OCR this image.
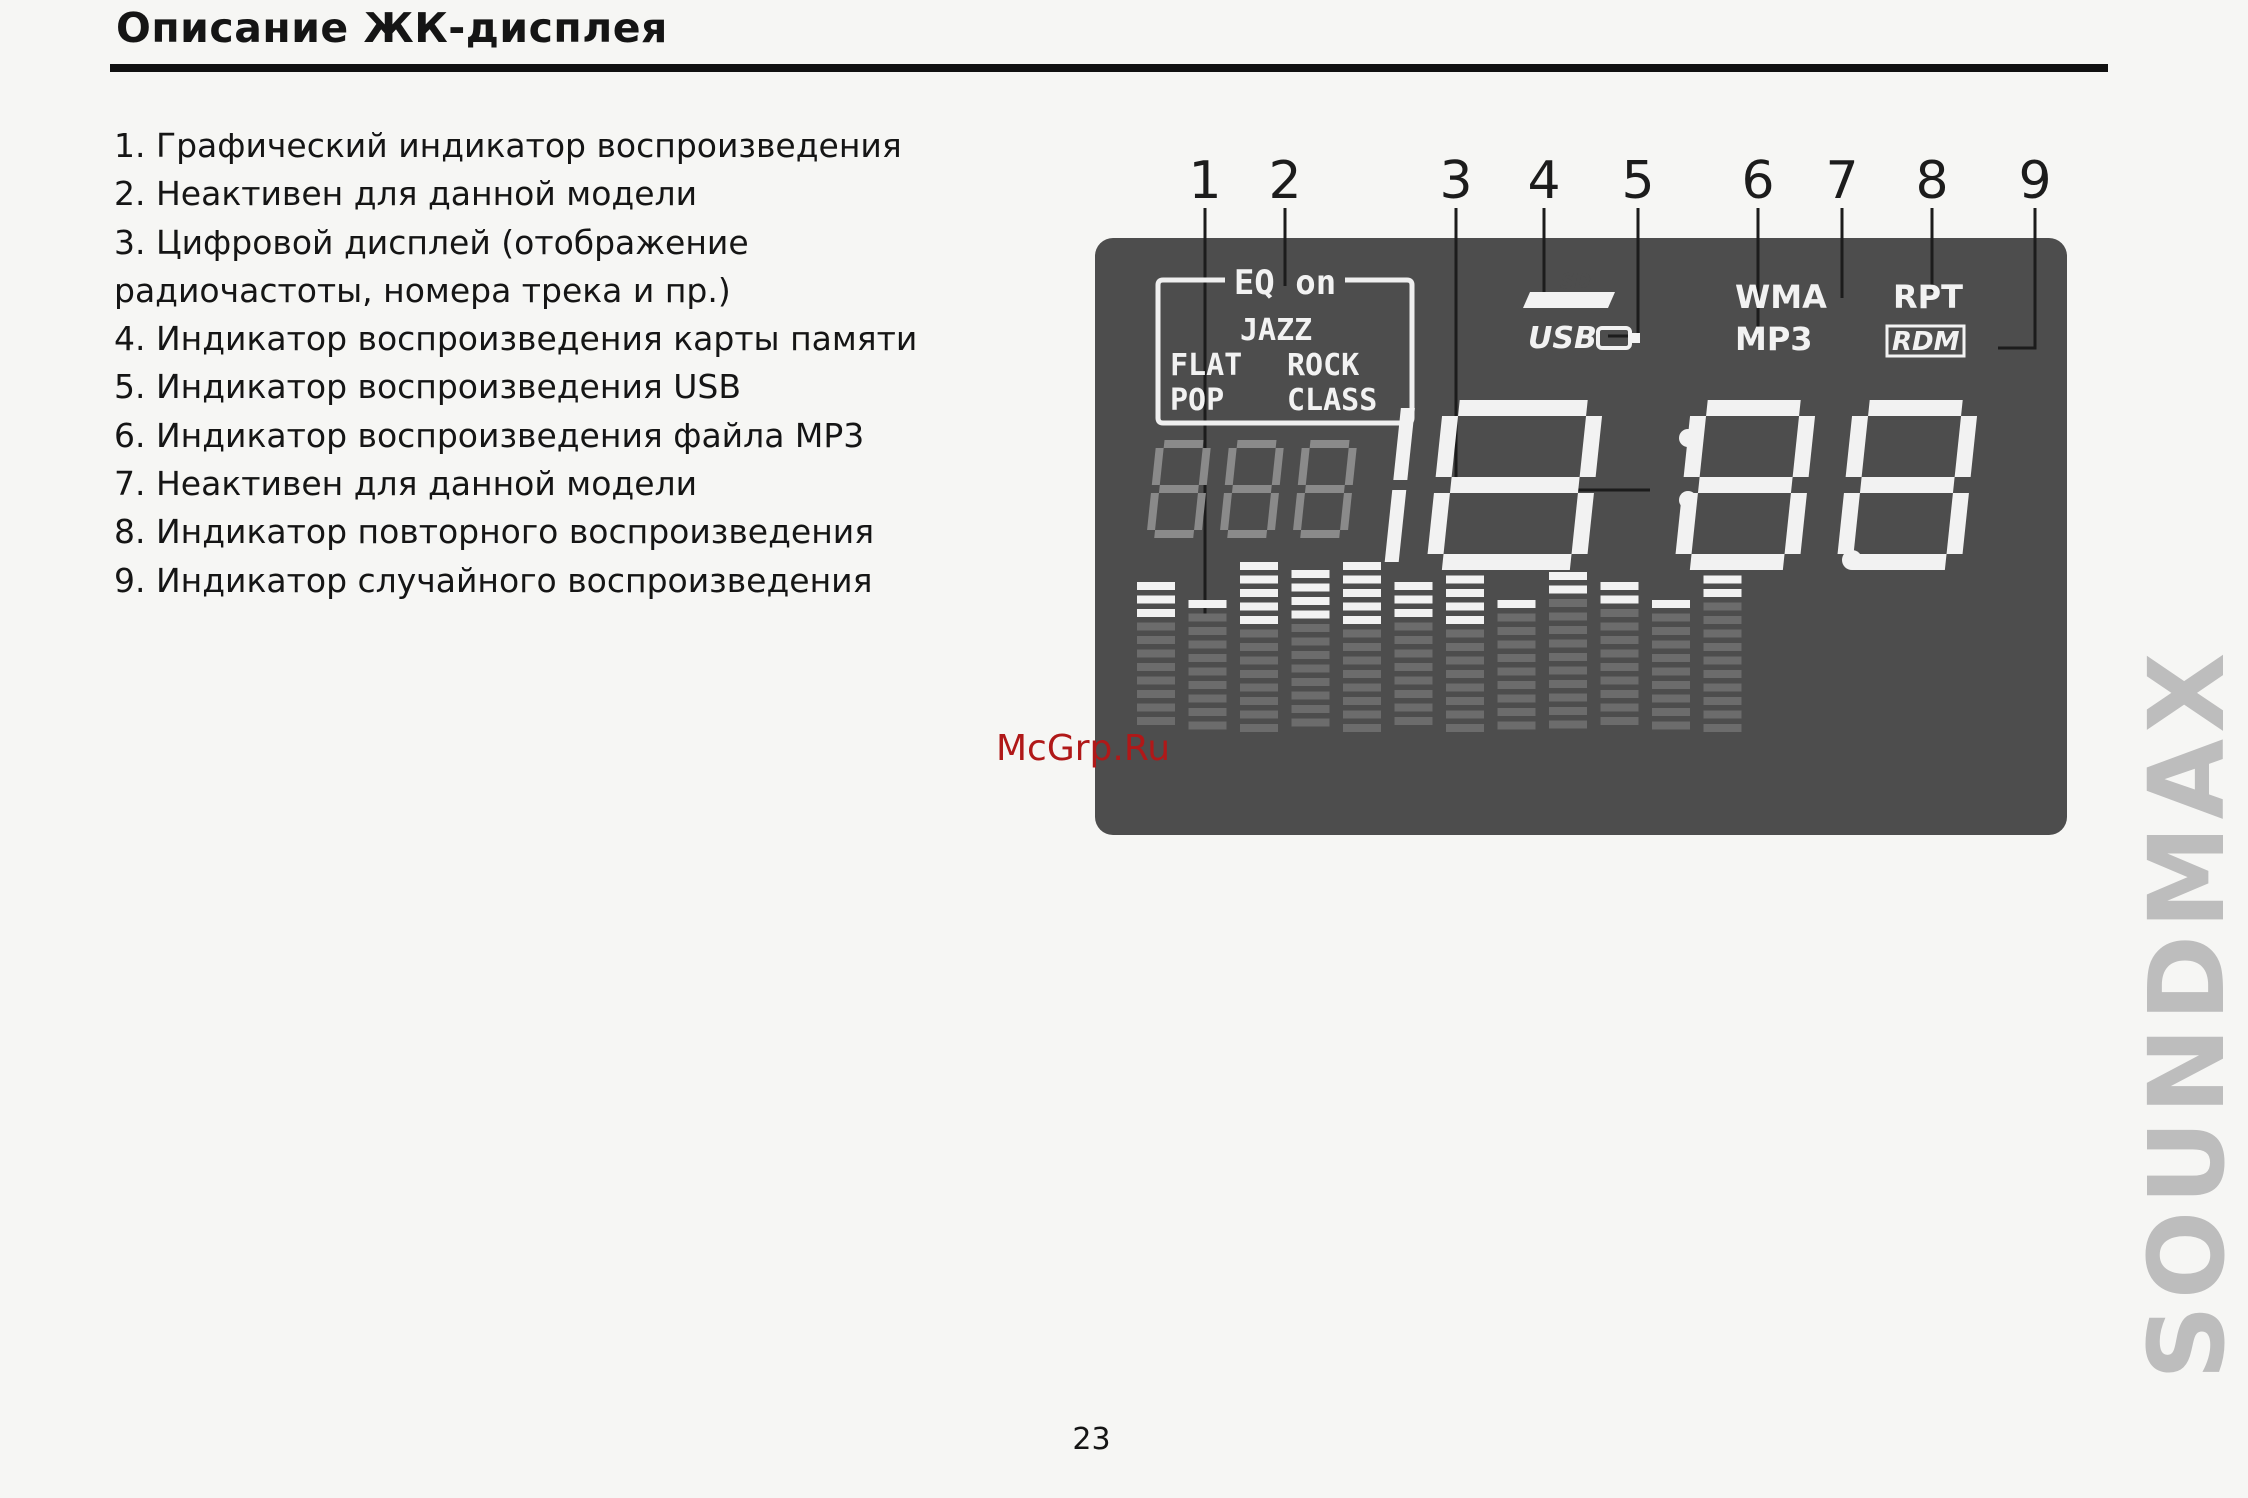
Описание ЖК-дисплея
1. Графический индикатор воспроизведения
2. Неактивен для данной модели
3. Цифровой дисплей (отображение
радиочастоты, номера трека и пр.)
4. Индикатор воспроизведения карты памяти
5. Индикатор воспроизведения USB
6. Индикатор воспроизведения файла MP3
7. Неактивен для данной модели
8. Индикатор повторного воспроизведения
9. Индикатор случайного воспроизведения
1 2	3 4 5 6 7 8 9
EQ on
JAZZ
FLAT ROCK
POP CLASS
SD
USB
WMA
MP3
RPT
RDM
McGrp.Ru	SOUNDMAX
23
